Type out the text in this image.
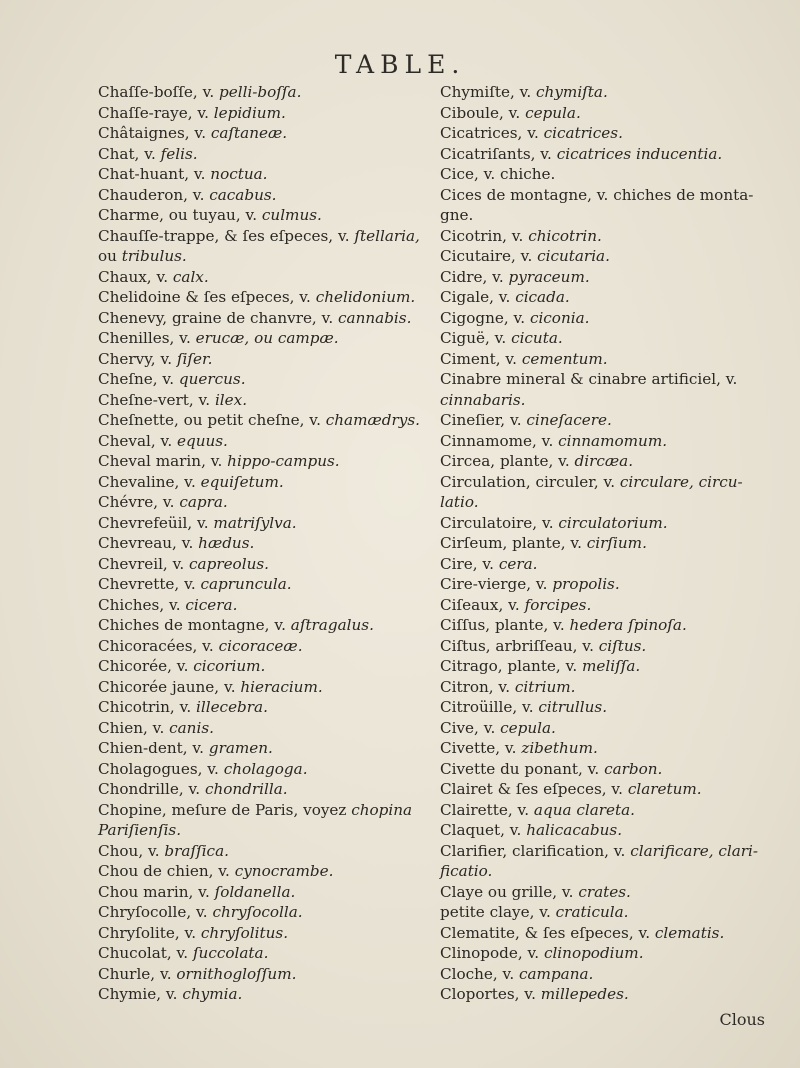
TABLE.
Chaſſe-boſſe, v. pelli-boſſa.
Chaſſe-raye, v. lepidium.
Châtaignes, v. caſtaneæ.
Chat, v. felis.
Chat-huant, v. noctua.
Chauderon, v. cacabus.
Charme, ou tuyau, v. culmus.
Chauſſe-trappe, & ſes eſpeces, v. ſtellaria,
ou tribulus.
Chaux, v. calx.
Chelidoine & ſes eſpeces, v. chelidonium.
Chenevy, graine de chanvre, v. cannabis.
Chenilles, v. erucæ, ou campæ.
Chervy, v. ſiſer.
Cheſne, v. quercus.
Cheſne-vert, v. ilex.
Cheſnette, ou petit cheſne, v. chamædrys.
Cheval, v. equus.
Cheval marin, v. hippo-campus.
Chevaline, v. equiſetum.
Chévre, v. capra.
Chevrefeüil, v. matriſylva.
Chevreau, v. hædus.
Chevreil, v. capreolus.
Chevrette, v. capruncula.
Chiches, v. cicera.
Chiches de montagne, v. aſtragalus.
Chicoracées, v. cicoraceæ.
Chicorée, v. cicorium.
Chicorée jaune, v. hieracium.
Chicotrin, v. illecebra.
Chien, v. canis.
Chien-dent, v. gramen.
Cholagogues, v. cholagoga.
Chondrille, v. chondrilla.
Chopine, meſure de Paris, voyez chopina
Pariſienſis.
Chou, v. braſſica.
Chou de chien, v. cynocrambe.
Chou marin, v. ſoldanella.
Chryſocolle, v. chryſocolla.
Chryſolite, v. chryſolitus.
Chucolat, v. ſuccolata.
Churle, v. ornithogloſſum.
Chymie, v. chymia.
Chymiſte, v. chymiſta.
Ciboule, v. cepula.
Cicatrices, v. cicatrices.
Cicatriſants, v. cicatrices inducentia.
Cice, v. chiche.
Cices de montagne, v. chiches de monta-
gne.
Cicotrin, v. chicotrin.
Cicutaire, v. cicutaria.
Cidre, v. pyraceum.
Cigale, v. cicada.
Cigogne, v. ciconia.
Ciguë, v. cicuta.
Ciment, v. cementum.
Cinabre mineral & cinabre artificiel, v.
cinnabaris.
Cineſier, v. cineſacere.
Cinnamome, v. cinnamomum.
Circea, plante, v. dircæa.
Circulation, circuler, v. circulare, circu-
latio.
Circulatoire, v. circulatorium.
Cirſeum, plante, v. cirſium.
Cire, v. cera.
Cire-vierge, v. propolis.
Ciſeaux, v. forcipes.
Ciſſus, plante, v. hedera ſpinoſa.
Ciſtus, arbriſſeau, v. ciſtus.
Citrago, plante, v. meliſſa.
Citron, v. citrium.
Citroüille, v. citrullus.
Cive, v. cepula.
Civette, v. zibethum.
Civette du ponant, v. carbon.
Clairet & ſes eſpeces, v. claretum.
Clairette, v. aqua clareta.
Claquet, v. halicacabus.
Clarifier, clarification, v. clarificare, clari-
ficatio.
Claye ou grille, v. crates.
petite claye, v. craticula.
Clematite, & ſes eſpeces, v. clematis.
Clinopode, v. clinopodium.
Cloche, v. campana.
Cloportes, v. millepedes.
Clous
